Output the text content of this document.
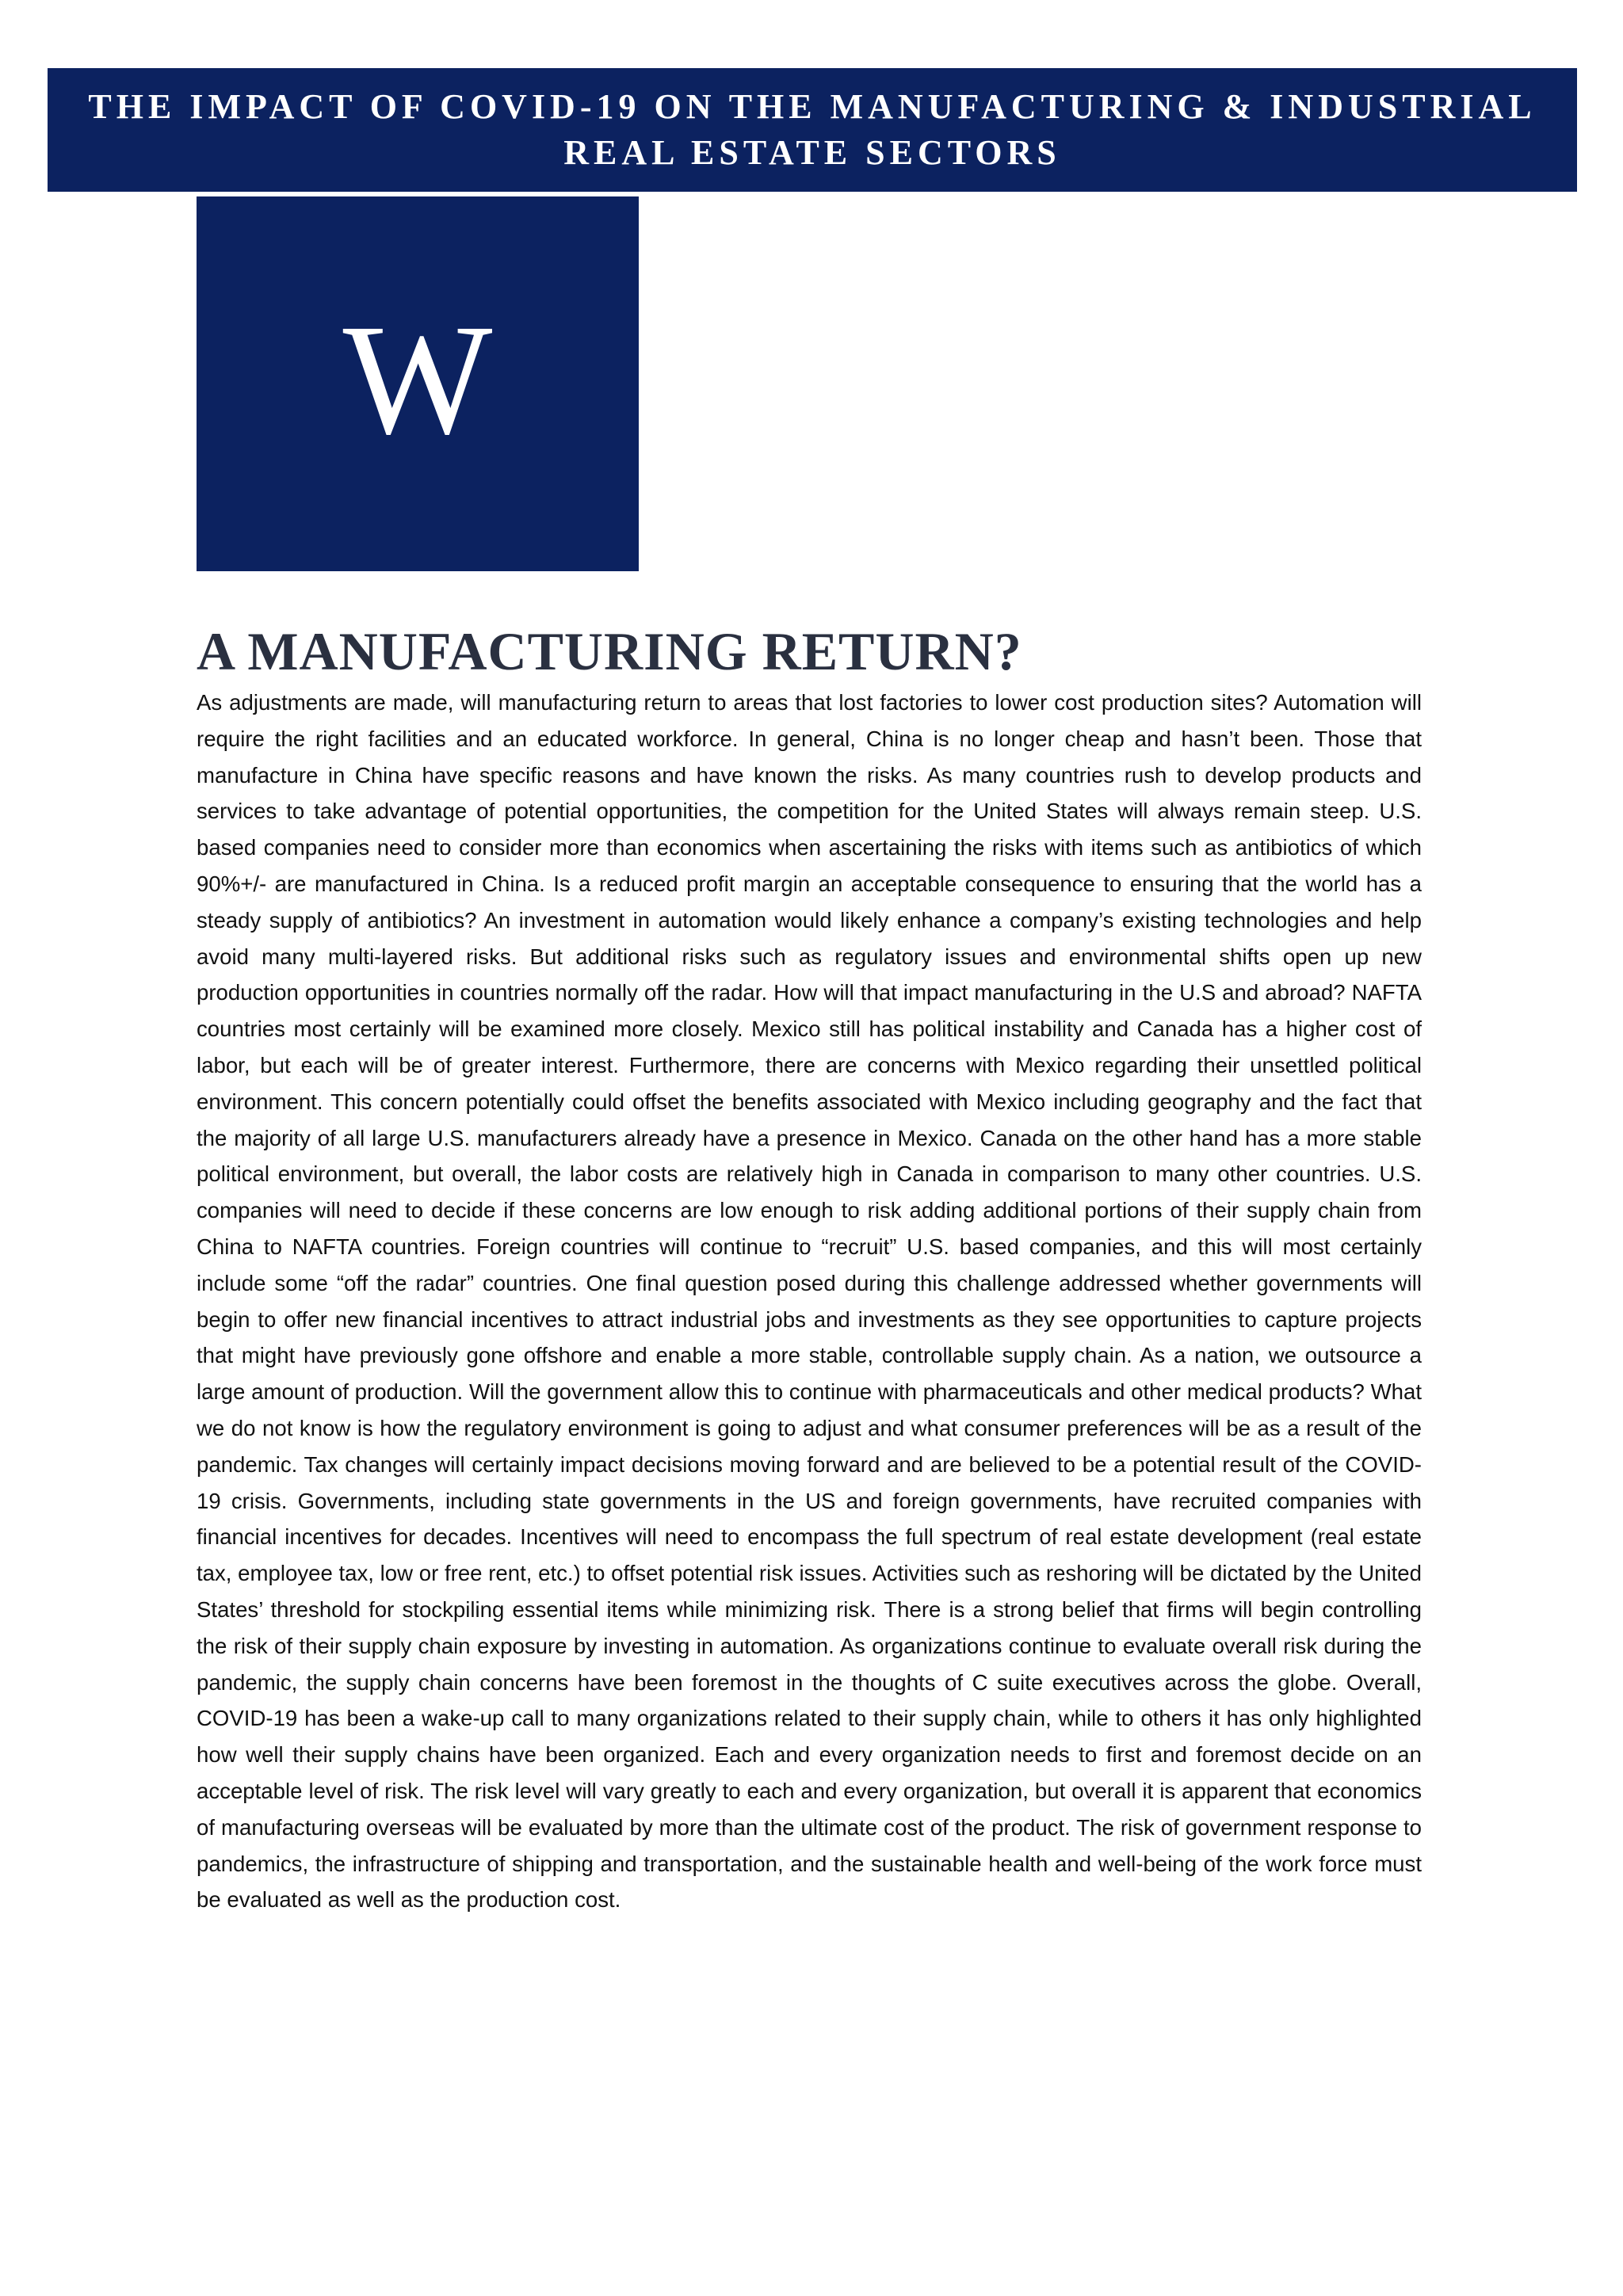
THE IMPACT OF COVID-19 ON THE MANUFACTURING & INDUSTRIAL REAL ESTATE SECTORS
W
A MANUFACTURING RETURN?

As adjustments are made, will manufacturing return to areas that lost factories to lower cost production sites? Automation will require the right facilities and an educated workforce. In general, China is no longer cheap and hasn’t been. Those that manufacture in China have specific reasons and have known the risks. As many countries rush to develop products and services to take advantage of potential opportunities, the competition for the United States will always remain steep. U.S. based companies need to consider more than economics when ascertaining the risks with items such as antibiotics of which 90%+/- are manufactured in China. Is a reduced profit margin an acceptable consequence to ensuring that the world has a steady supply of antibiotics? An investment in automation would likely enhance a company’s existing technologies and help avoid many multi-layered risks. But additional risks such as regulatory issues and environmental shifts open up new production opportunities in countries normally off the radar. How will that impact manufacturing in the U.S and abroad? NAFTA countries most certainly will be examined more closely. Mexico still has political instability and Canada has a higher cost of labor, but each will be of greater interest. Furthermore, there are concerns with Mexico regarding their unsettled political environment. This concern potentially could offset the benefits associated with Mexico including geography and the fact that the majority of all large U.S. manufacturers already have a presence in Mexico. Canada on the other hand has a more stable political environment, but overall, the labor costs are relatively high in Canada in comparison to many other countries. U.S. companies will need to decide if these concerns are low enough to risk adding additional portions of their supply chain from China to NAFTA countries. Foreign countries will continue to “recruit” U.S. based companies, and this will most certainly include some “off the radar” countries. One final question posed during this challenge addressed whether governments will begin to offer new financial incentives to attract industrial jobs and investments as they see opportunities to capture projects that might have previously gone offshore and enable a more stable, controllable supply chain. As a nation, we outsource a large amount of production. Will the government allow this to continue with pharmaceuticals and other medical products? What we do not know is how the regulatory environment is going to adjust and what consumer preferences will be as a result of the pandemic. Tax changes will certainly impact decisions moving forward and are believed to be a potential result of the COVID-19 crisis. Governments, including state governments in the US and foreign governments, have recruited companies with financial incentives for decades. Incentives will need to encompass the full spectrum of real estate development (real estate tax, employee tax, low or free rent, etc.) to offset potential risk issues. Activities such as reshoring will be dictated by the United States’ threshold for stockpiling essential items while minimizing risk. There is a strong belief that firms will begin controlling the risk of their supply chain exposure by investing in automation. As organizations continue to evaluate overall risk during the pandemic, the supply chain concerns have been foremost in the thoughts of C suite executives across the globe. Overall, COVID-19 has been a wake-up call to many organizations related to their supply chain, while to others it has only highlighted how well their supply chains have been organized. Each and every organization needs to first and foremost decide on an acceptable level of risk. The risk level will vary greatly to each and every organization, but overall it is apparent that economics of manufacturing overseas will be evaluated by more than the ultimate cost of the product. The risk of government response to pandemics, the infrastructure of shipping and transportation, and the sustainable health and well-being of the work force must be evaluated as well as the production cost.
